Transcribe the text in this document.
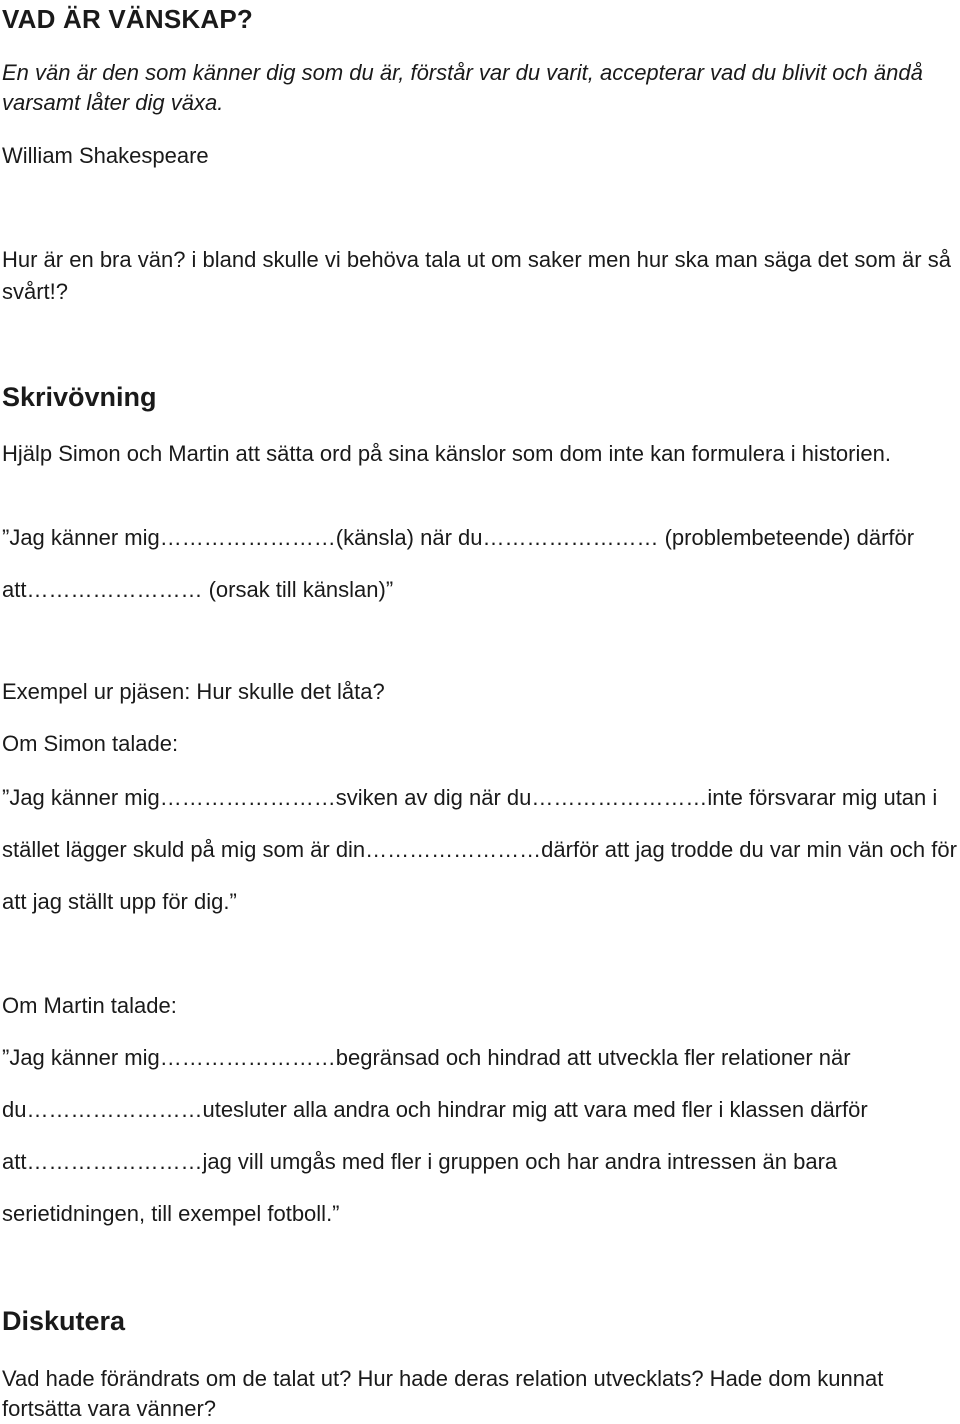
VAD ÄR VÄNSKAP?

En vän är den som känner dig som du är, förstår var du varit, accepterar vad du blivit och ändå varsamt låter dig växa.

William Shakespeare

Hur är en bra vän? i bland skulle vi behöva tala ut om saker men hur ska man säga det som är så svårt!?

Skrivövning

Hjälp Simon och Martin att sätta ord på sina känslor som dom inte kan formulera i historien.

”Jag känner mig……………………(känsla) när du…………………… (problembeteende) därför att…………………… (orsak till känslan)”

Exempel ur pjäsen: Hur skulle det låta?

Om Simon talade:

”Jag känner mig……………………sviken av dig när du……………………inte försvarar mig utan i stället lägger skuld på mig som är din……………………därför att jag trodde du var min vän och för att jag ställt upp för dig.”

Om Martin talade:

”Jag känner mig……………………begränsad och hindrad att utveckla fler relationer när du……………………utesluter alla andra och hindrar mig att vara med fler i klassen därför att……………………jag vill umgås med fler i gruppen och har andra intressen än bara serietidningen, till exempel fotboll.”

Diskutera

Vad hade förändrats om de talat ut? Hur hade deras relation utvecklats? Hade dom kunnat fortsätta vara vänner?
